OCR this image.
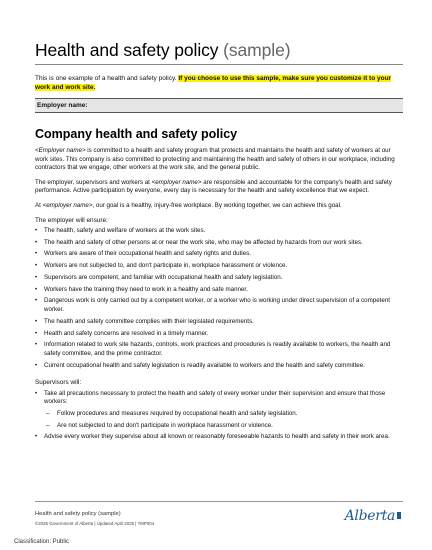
Health and safety policy (sample)

This is one example of a health and safety policy. If you choose to use this sample, make sure you customize it to your work and work site.

Employer name:
Company health and safety policy

<Employer name> is committed to a health and safety program that protects and maintains the health and safety of workers at our work sites. This company is also committed to protecting and maintaining the health and safety of others in our workplace, including contractors that we engage, other workers at the work site, and the general public.

The employer, supervisors and workers at <employer name> are responsible and accountable for the company's health and safety performance. Active participation by everyone, every day is necessary for the health and safety excellence that we expect.

At <employer name>, our goal is a healthy, injury-free workplace. By working together, we can achieve this goal.

The employer will ensure:
• The health, safety and welfare of workers at the work sites.
• The health and safety of other persons at or near the work site, who may be affected by hazards from our work sites.
• Workers are aware of their occupational health and safety rights and duties.
• Workers are not subjected to, and don't participate in, workplace harassment or violence.
• Supervisors are competent, and familiar with occupational health and safety legislation.
• Workers have the training they need to work in a healthy and safe manner.
• Dangerous work is only carried out by a competent worker, or a worker who is working under direct supervision of a competent worker.
• The health and safety committee complies with their legislated requirements.
• Health and safety concerns are resolved in a timely manner.
• Information related to work site hazards, controls, work practices and procedures is readily available to workers, the health and safety committee, and the prime contractor.
• Current occupational health and safety legislation is readily available to workers and the health and safety committee.
Supervisors will:
• Take all precautions necessary to protect the health and safety of every worker under their supervision and ensure that those workers:
– Follow procedures and measures required by occupational health and safety legislation.
– Are not subjected to and don't participate in workplace harassment or violence.
• Advise every worker they supervise about all known or reasonably foreseeable hazards to health and safety in their work area.
Health and safety policy (sample)
©2025 Government of Alberta | Updated April 2025 | TMP004	Alberta
Classification: Public
